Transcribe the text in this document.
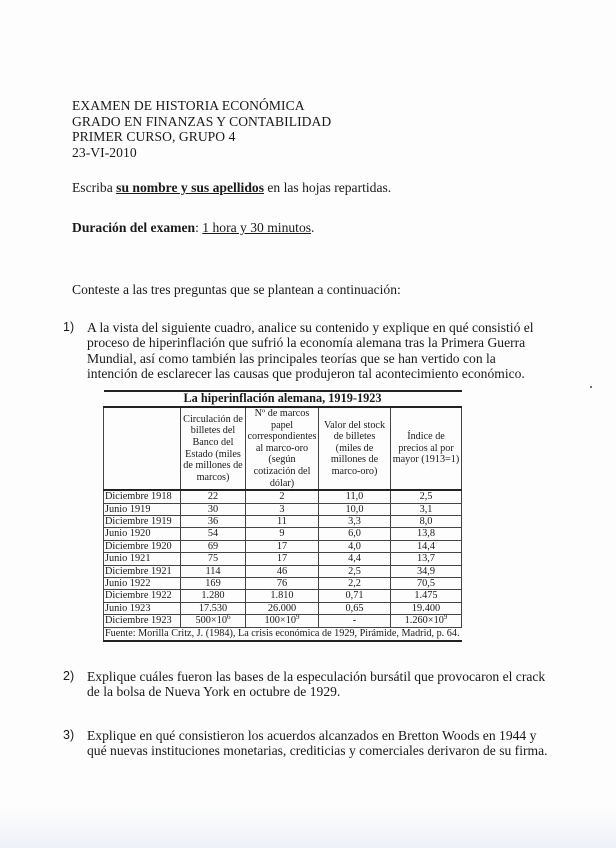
EXAMEN DE HISTORIA ECONÓMICA
GRADO EN FINANZAS Y CONTABILIDAD
PRIMER CURSO, GRUPO 4
23-VI-2010
Escriba su nombre y sus apellidos en las hojas repartidas.
Duración del examen: 1 hora y 30 minutos.
Conteste a las tres preguntas que se plantean a continuación:
1) A la vista del siguiente cuadro, analice su contenido y explique en qué consistió el
proceso de hiperinflación que sufrió la economía alemana tras la Primera Guerra
Mundial, así como también las principales teorías que se han vertido con la
intención de esclarecer las causas que produjeron tal acontecimiento económico.
La hiperinflación alemana, 1919-1923				
	Circulación de billetes del Banco del Estado (miles de millones de marcos)	Nº de marcos papel correspondientes al marco-oro (según cotización del dólar)	Valor del stock de billetes (miles de millones de marco-oro)	Índice de precios al por mayor (1913=1)
Diciembre 1918	22	2	11,0	2,5
Junio 1919	30	3	10,0	3,1
Diciembre 1919	36	11	3,3	8,0
Junio 1920	54	9	6,0	13,8
Diciembre 1920	69	17	4,0	14,4
Junio 1921	75	17	4,4	13,7
Diciembre 1921	114	46	2,5	34,9
Junio 1922	169	76	2,2	70,5
Diciembre 1922	1.280	1.810	0,71	1.475
Junio 1923	17.530	26.000	0,65	19.400
Diciembre 1923	$500\times 10^6$	$100\times 10^9$	-	$1.260\times 10^9$
Fuente: Morilla Critz, J. (1984), La crisis económica de 1929, Pirámide, Madrid, p. 64.				
2) Explique cuáles fueron las bases de la especulación bursátil que provocaron el crack
de la bolsa de Nueva York en octubre de 1929.
3) Explique en qué consistieron los acuerdos alcanzados en Bretton Woods en 1944 y
qué nuevas instituciones monetarias, crediticias y comerciales derivaron de su firma.
